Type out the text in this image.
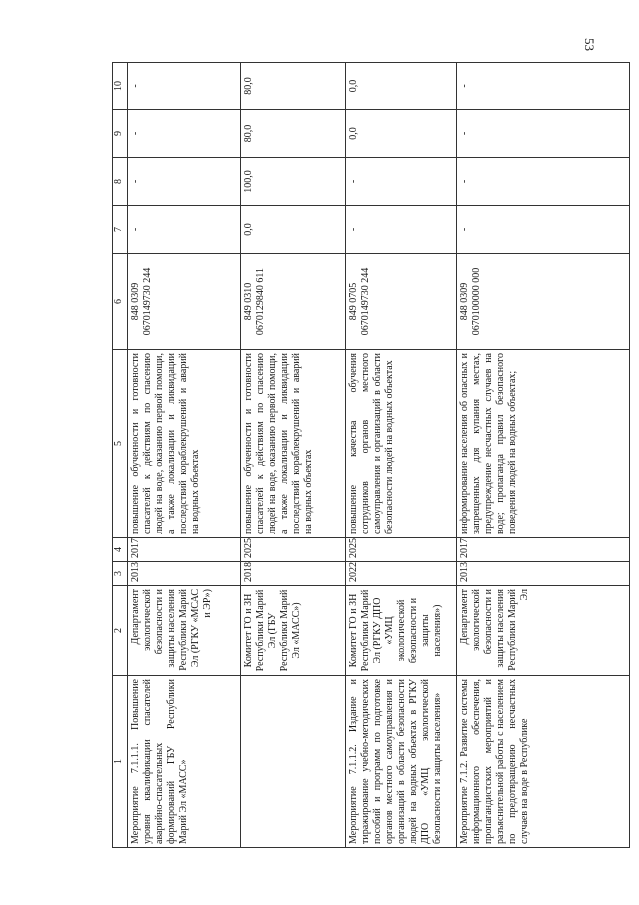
53
1	2	3	4	5	6	7	8	9	10
Мероприятие 7.1.1.1. Повышение уровня квалификации спасателей аварийно-спасательных формирований ГБУ Республики Марий Эл «МАСС»	Департамент экологической безопасности и защиты населения Республики Марий Эл (РГКУ «МСАС и ЭР»)	2013	2017	повышение обученности и готовности спасателей к действиям по спасению людей на воде, оказанию первой помощи, а также локализации и ликвидации последствий кораблекрушений и аварий на водных объектах	848 0309 0670149730 244	-	-	-	-
	Комитет ГО и ЗН Республики Марий Эл (ГБУ Республики Марий Эл «МАСС»)	2018	2025	повышение обученности и готовности спасателей к действиям по спасению людей на воде, оказанию первой помощи, а также локализации и ликвидации последствий кораблекрушений и аварий на водных объектах	849 0310 0670129840 611	0,0	100,0	80,0	80,0
Мероприятие 7.1.1.2. Издание и тиражирование учебно-методических пособий и программ по подготовке органов местного самоуправления и организаций в области безопасности людей на водных объектах в РГКУ ДПО «УМЦ экологической безопасности и защиты населения»	Комитет ГО и ЗН Республики Марий Эл (РГКУ ДПО «УМЦ экологической безопасности и защиты населения»)	2022	2025	повышение качества обучения сотрудников органов местного самоуправления и организаций в области безопасности людей на водных объектах	849 0705 0670149730 244	-	-	0,0	0,0
Мероприятие 7.1.2. Развитие системы информационного обеспечения, пропагандистских мероприятий и разъяснительной работы с населением по предотвращению несчастных случаев на воде в Республике	Департамент экологической безопасности и защиты населения Республики Марий Эл	2013	2017	информирование населения об опасных и запрещенных для купания местах, предупреждение несчастных случаев на воде; пропаганда правил безопасного поведения людей на водных объектах;	848 0309 0670100000 000	-	-	-	-
